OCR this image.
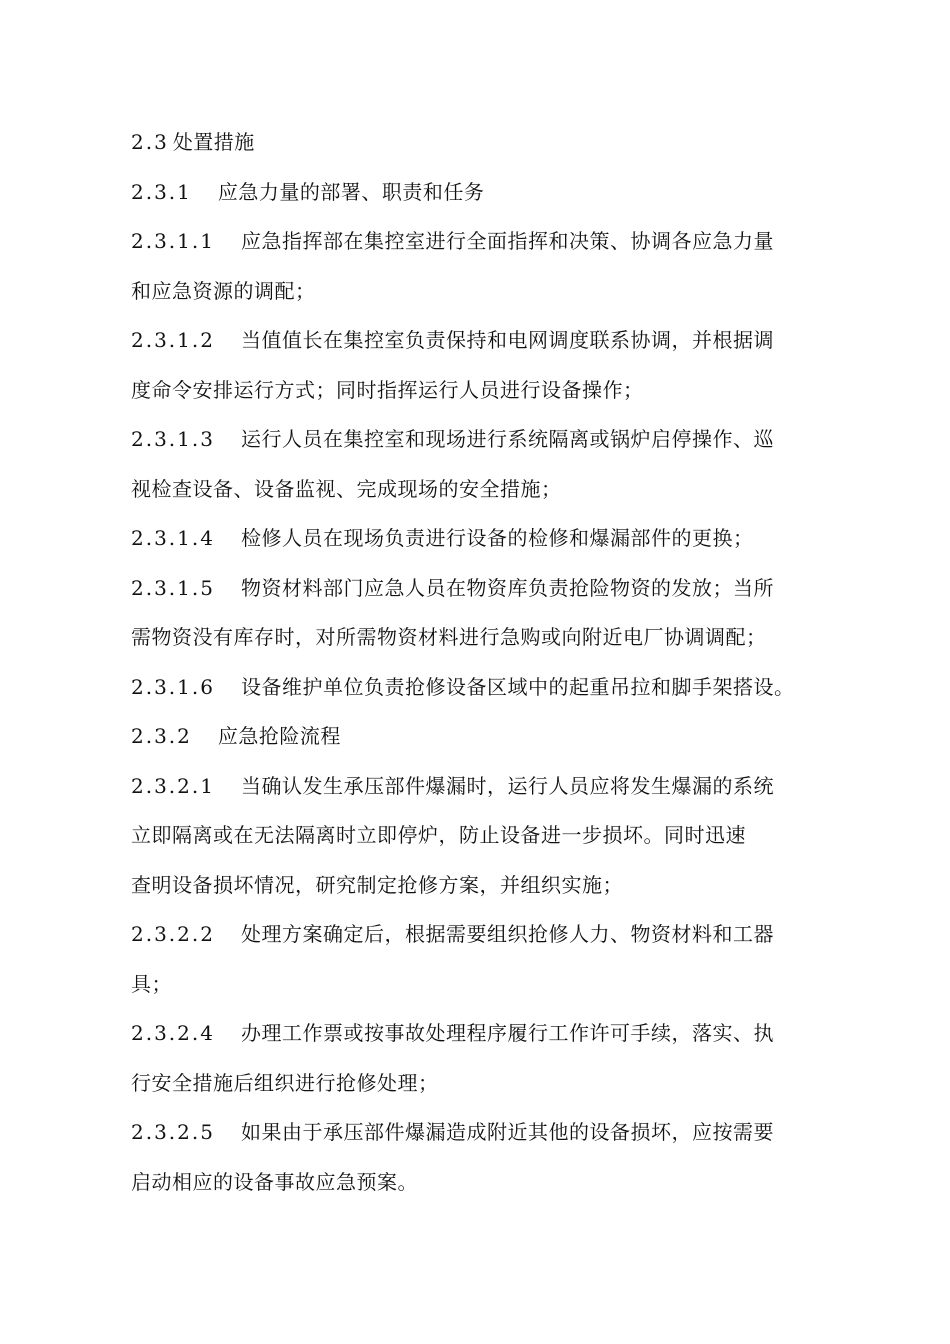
2.3 处置措施
2.3.1 应急力量的部署、职责和任务
2.3.1.1 应急指挥部在集控室进行全面指挥和决策、协调各应急力量
和应急资源的调配；
2.3.1.2 当值值长在集控室负责保持和电网调度联系协调，并根据调
度命令安排运行方式；同时指挥运行人员进行设备操作；
2.3.1.3 运行人员在集控室和现场进行系统隔离或锅炉启停操作、巡
视检查设备、设备监视、完成现场的安全措施；
2.3.1.4 检修人员在现场负责进行设备的检修和爆漏部件的更换；
2.3.1.5 物资材料部门应急人员在物资库负责抢险物资的发放；当所
需物资没有库存时，对所需物资材料进行急购或向附近电厂协调调配；
2.3.1.6 设备维护单位负责抢修设备区域中的起重吊拉和脚手架搭设。
2.3.2 应急抢险流程
2.3.2.1 当确认发生承压部件爆漏时，运行人员应将发生爆漏的系统
立即隔离或在无法隔离时立即停炉，防止设备进一步损坏。同时迅速
查明设备损坏情况，研究制定抢修方案，并组织实施；
2.3.2.2 处理方案确定后，根据需要组织抢修人力、物资材料和工器
具；
2.3.2.4 办理工作票或按事故处理程序履行工作许可手续，落实、执
行安全措施后组织进行抢修处理；
2.3.2.5 如果由于承压部件爆漏造成附近其他的设备损坏，应按需要
启动相应的设备事故应急预案。
